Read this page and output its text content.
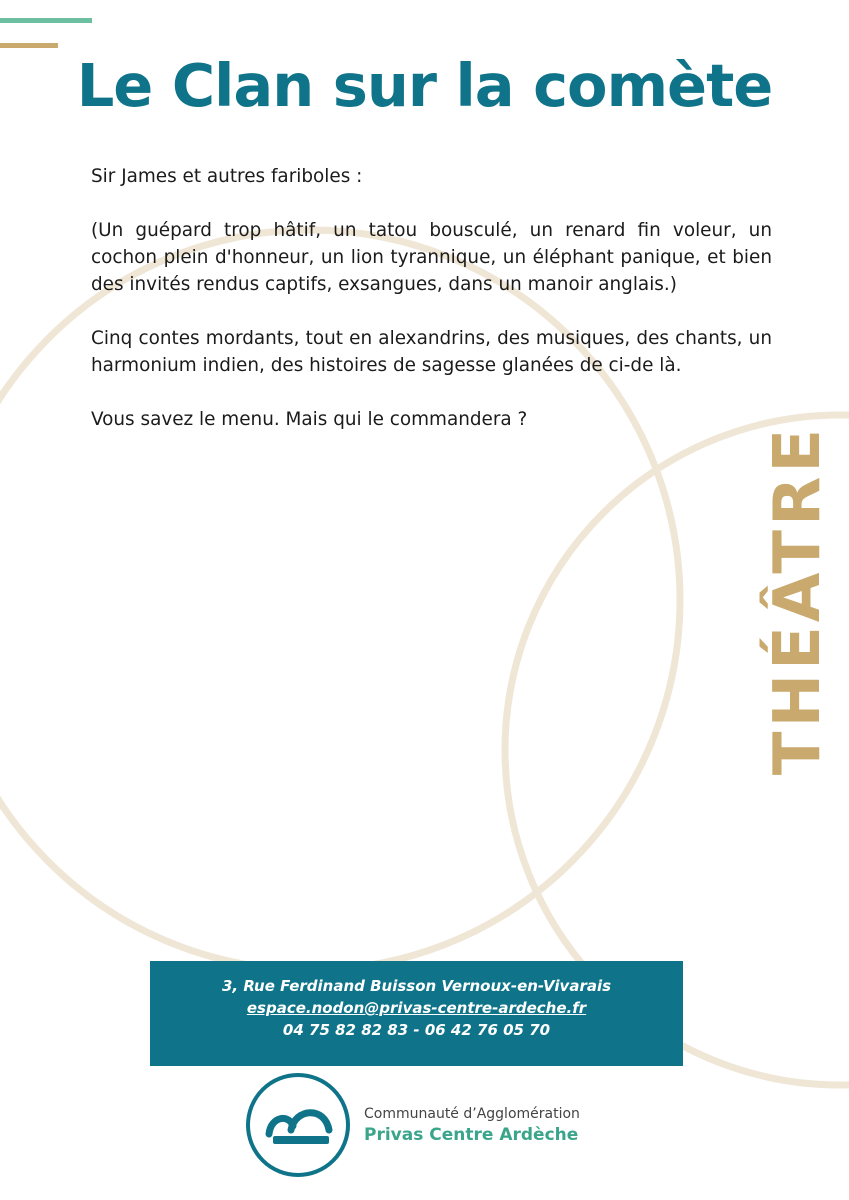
Le Clan sur la comète

Sir James et autres fariboles :

(Un guépard trop hâtif, un tatou bousculé, un renard fin voleur, un cochon plein d'honneur, un lion tyrannique, un éléphant panique, et bien des invités rendus captifs, exsangues, dans un manoir anglais.)

Cinq contes mordants, tout en alexandrins, des musiques, des chants, un harmonium indien, des histoires de sagesse glanées de ci-de là.

Vous savez le menu. Mais qui le commandera ?

THÉÂTRE
3, Rue Ferdinand Buisson Vernoux-en-Vivarais
espace.nodon@privas-centre-ardeche.fr
04 75 82 82 83 - 06 42 76 05 70
Communauté d’Agglomération
Privas Centre Ardèche
